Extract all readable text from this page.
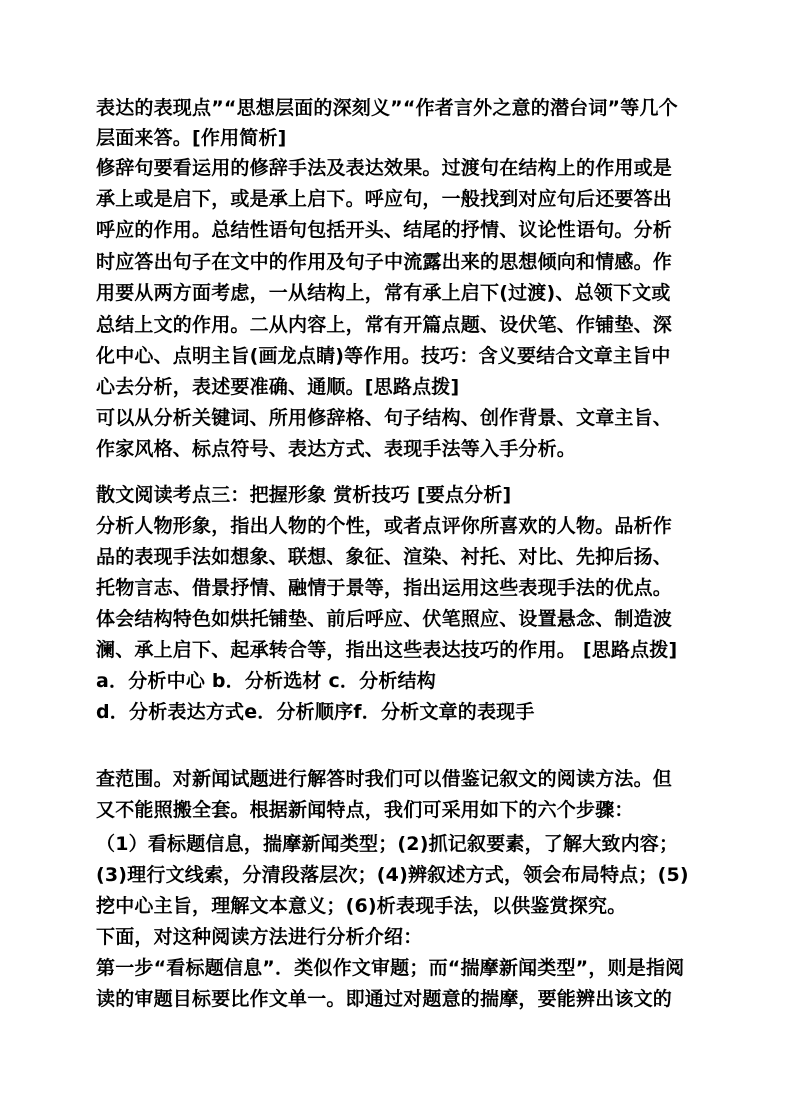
表达的表现点”“思想层面的深刻义”“作者言外之意的潜台词”等几个
层面来答。[作用简析]
修辞句要看运用的修辞手法及表达效果。过渡句在结构上的作用或是
承上或是启下，或是承上启下。呼应句，一般找到对应句后还要答出
呼应的作用。总结性语句包括开头、结尾的抒情、议论性语句。分析
时应答出句子在文中的作用及句子中流露出来的思想倾向和情感。作
用要从两方面考虑，一从结构上，常有承上启下(过渡)、总领下文或
总结上文的作用。二从内容上，常有开篇点题、设伏笔、作铺垫、深
化中心、点明主旨(画龙点睛)等作用。技巧：含义要结合文章主旨中
心去分析，表述要准确、通顺。[思路点拨]
可以从分析关键词、所用修辞格、句子结构、创作背景、文章主旨、
作家风格、标点符号、表达方式、表现手法等入手分析。
散文阅读考点三：把握形象 赏析技巧 [要点分析]
分析人物形象，指出人物的个性，或者点评你所喜欢的人物。品析作
品的表现手法如想象、联想、象征、渲染、衬托、对比、先抑后扬、
托物言志、借景抒情、融情于景等，指出运用这些表现手法的优点。
体会结构特色如烘托铺垫、前后呼应、伏笔照应、设置悬念、制造波
澜、承上启下、起承转合等，指出这些表达技巧的作用。 [思路点拨]
a．分析中心 b．分析选材 c．分析结构
d．分析表达方式e．分析顺序f．分析文章的表现手
查范围。对新闻试题进行解答时我们可以借鉴记叙文的阅读方法。但
又不能照搬全套。根据新闻特点，我们可采用如下的六个步骤：
（1）看标题信息，揣摩新闻类型；(2)抓记叙要素，了解大致内容；
(3)理行文线索，分清段落层次；(4)辨叙述方式，领会布局特点；(5)
挖中心主旨，理解文本意义；(6)析表现手法，以供鉴赏探究。
下面，对这种阅读方法进行分析介绍：
第一步“看标题信息”．类似作文审题；而“揣摩新闻类型”，则是指阅
读的审题目标要比作文单一。即通过对题意的揣摩，要能辨出该文的
